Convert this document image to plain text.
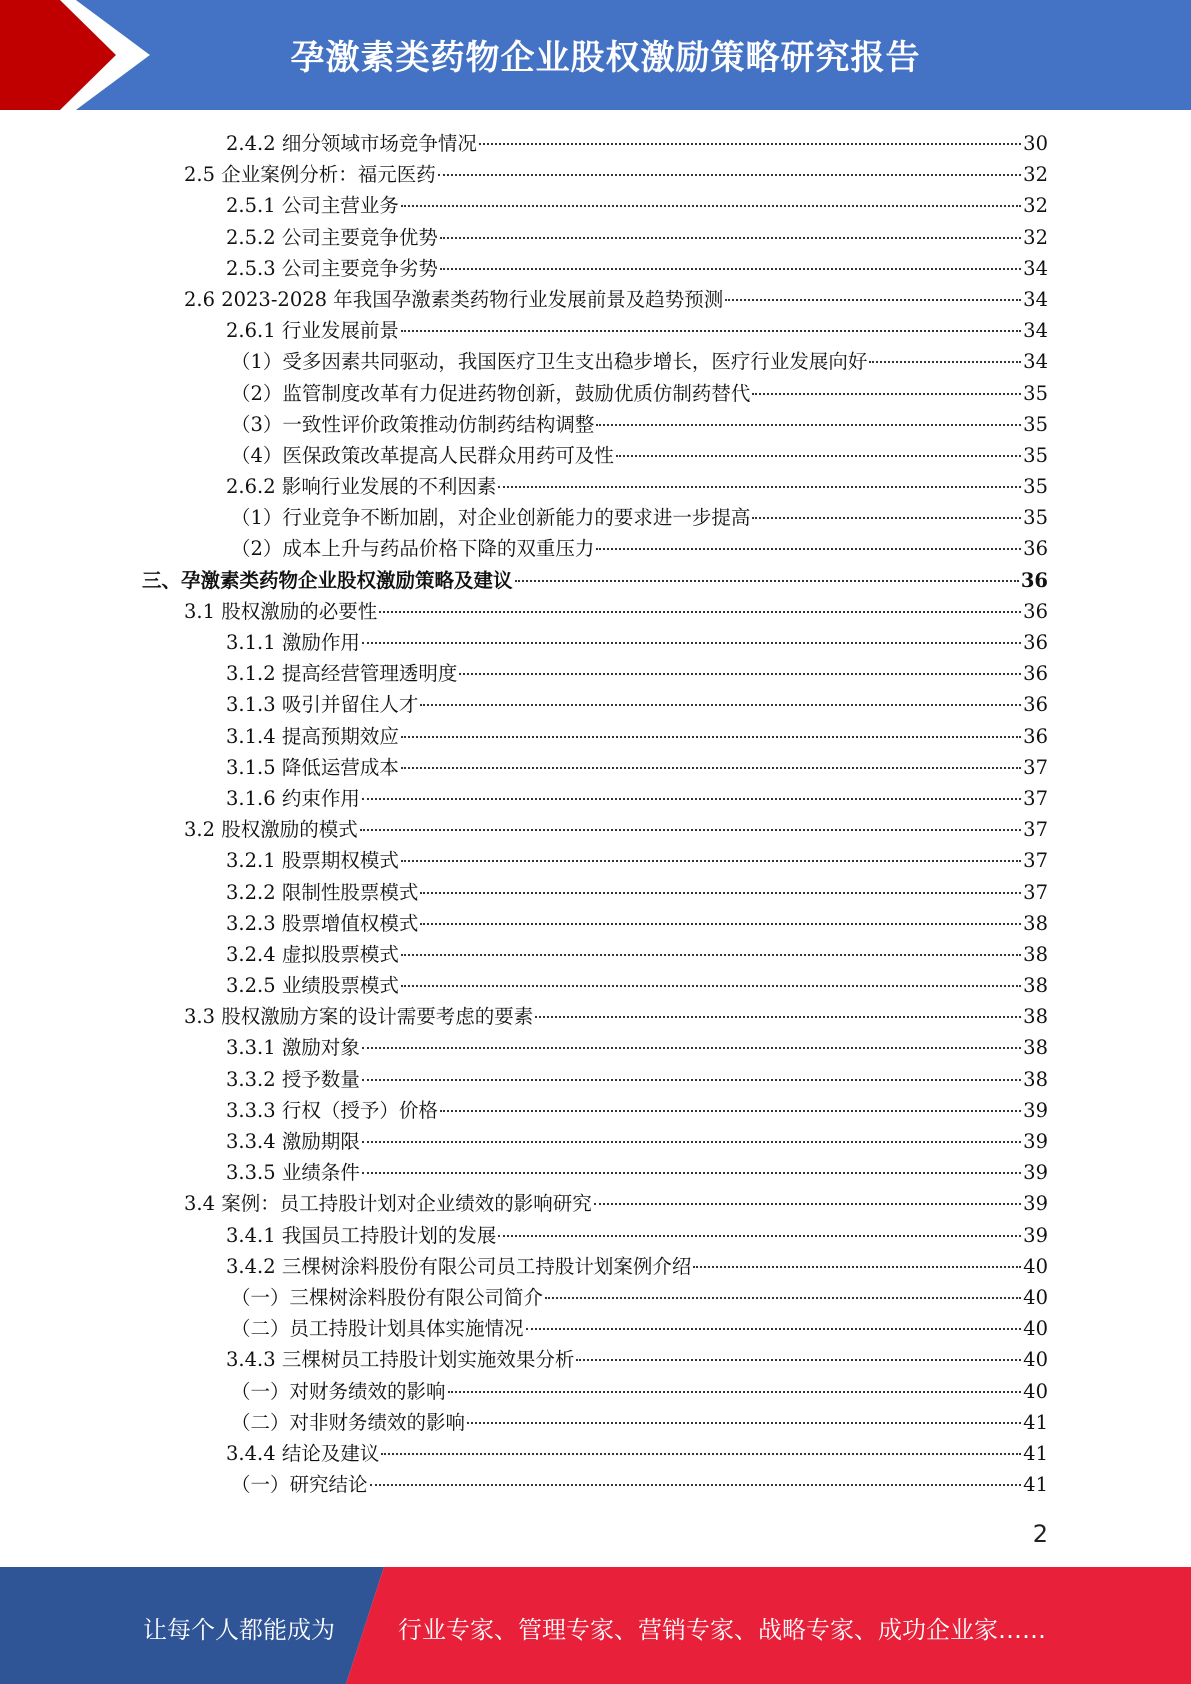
孕激素类药物企业股权激励策略研究报告
2.4.2 细分领域市场竞争情况	30
2.5 企业案例分析：福元医药	32
2.5.1 公司主营业务	32
2.5.2 公司主要竞争优势	32
2.5.3 公司主要竞争劣势	34
2.6 2023-2028 年我国孕激素类药物行业发展前景及趋势预测	34
2.6.1 行业发展前景	34
（1）受多因素共同驱动，我国医疗卫生支出稳步增长，医疗行业发展向好	34
（2）监管制度改革有力促进药物创新，鼓励优质仿制药替代	35
（3）一致性评价政策推动仿制药结构调整	35
（4）医保政策改革提高人民群众用药可及性	35
2.6.2 影响行业发展的不利因素	35
（1）行业竞争不断加剧，对企业创新能力的要求进一步提高	35
（2）成本上升与药品价格下降的双重压力	36
三、孕激素类药物企业股权激励策略及建议	36
3.1 股权激励的必要性	36
3.1.1 激励作用	36
3.1.2 提高经营管理透明度	36
3.1.3 吸引并留住人才	36
3.1.4 提高预期效应	36
3.1.5 降低运营成本	37
3.1.6 约束作用	37
3.2 股权激励的模式	37
3.2.1 股票期权模式	37
3.2.2 限制性股票模式	37
3.2.3 股票增值权模式	38
3.2.4 虚拟股票模式	38
3.2.5 业绩股票模式	38
3.3 股权激励方案的设计需要考虑的要素	38
3.3.1 激励对象	38
3.3.2 授予数量	38
3.3.3 行权（授予）价格	39
3.3.4 激励期限	39
3.3.5 业绩条件	39
3.4 案例：员工持股计划对企业绩效的影响研究	39
3.4.1 我国员工持股计划的发展	39
3.4.2 三棵树涂料股份有限公司员工持股计划案例介绍	40
（一）三棵树涂料股份有限公司简介	40
（二）员工持股计划具体实施情况	40
3.4.3 三棵树员工持股计划实施效果分析	40
（一）对财务绩效的影响	40
（二）对非财务绩效的影响	41
3.4.4 结论及建议	41
（一）研究结论	41
2
让每个人都能成为	行业专家、管理专家、营销专家、战略专家、成功企业家……
